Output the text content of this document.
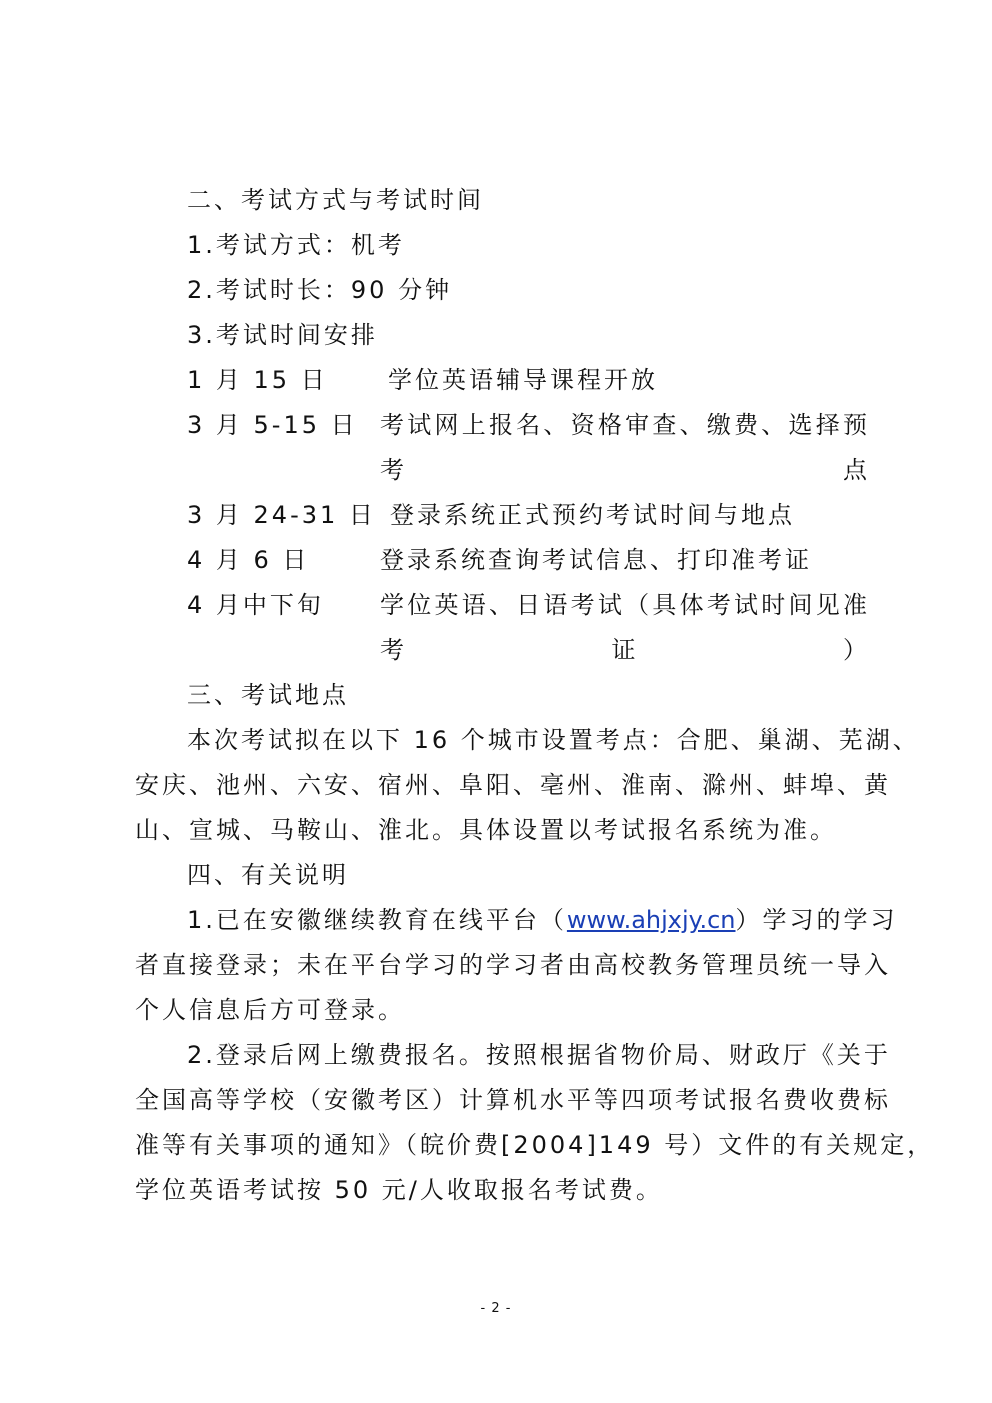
二、考试方式与考试时间
1.考试方式：机考
2.考试时长：90 分钟
3.考试时间安排
1 月 15 日	学位英语辅导课程开放
3 月 5-15 日 考试网上报名、资格审查、缴费、选择预考点
3 月 24-31 日 登录系统正式预约考试时间与地点
4 月 6 日	登录系统查询考试信息、打印准考证
4 月中下旬 学位英语、日语考试（具体考试时间见准考证）
三、考试地点
本次考试拟在以下 16 个城市设置考点：合肥、巢湖、芜湖、
安庆、池州、六安、宿州、阜阳、亳州、淮南、滁州、蚌埠、黄
山、宣城、马鞍山、淮北。具体设置以考试报名系统为准。
四、有关说明
1.已在安徽继续教育在线平台（www.ahjxjy.cn）学习的学习
者直接登录；未在平台学习的学习者由高校教务管理员统一导入
个人信息后方可登录。
2.登录后网上缴费报名。按照根据省物价局、财政厅《关于
全国高等学校（安徽考区）计算机水平等四项考试报名费收费标
准等有关事项的通知》（皖价费[2004]149 号）文件的有关规定，
学位英语考试按 50 元/人收取报名考试费。
- 2 -
